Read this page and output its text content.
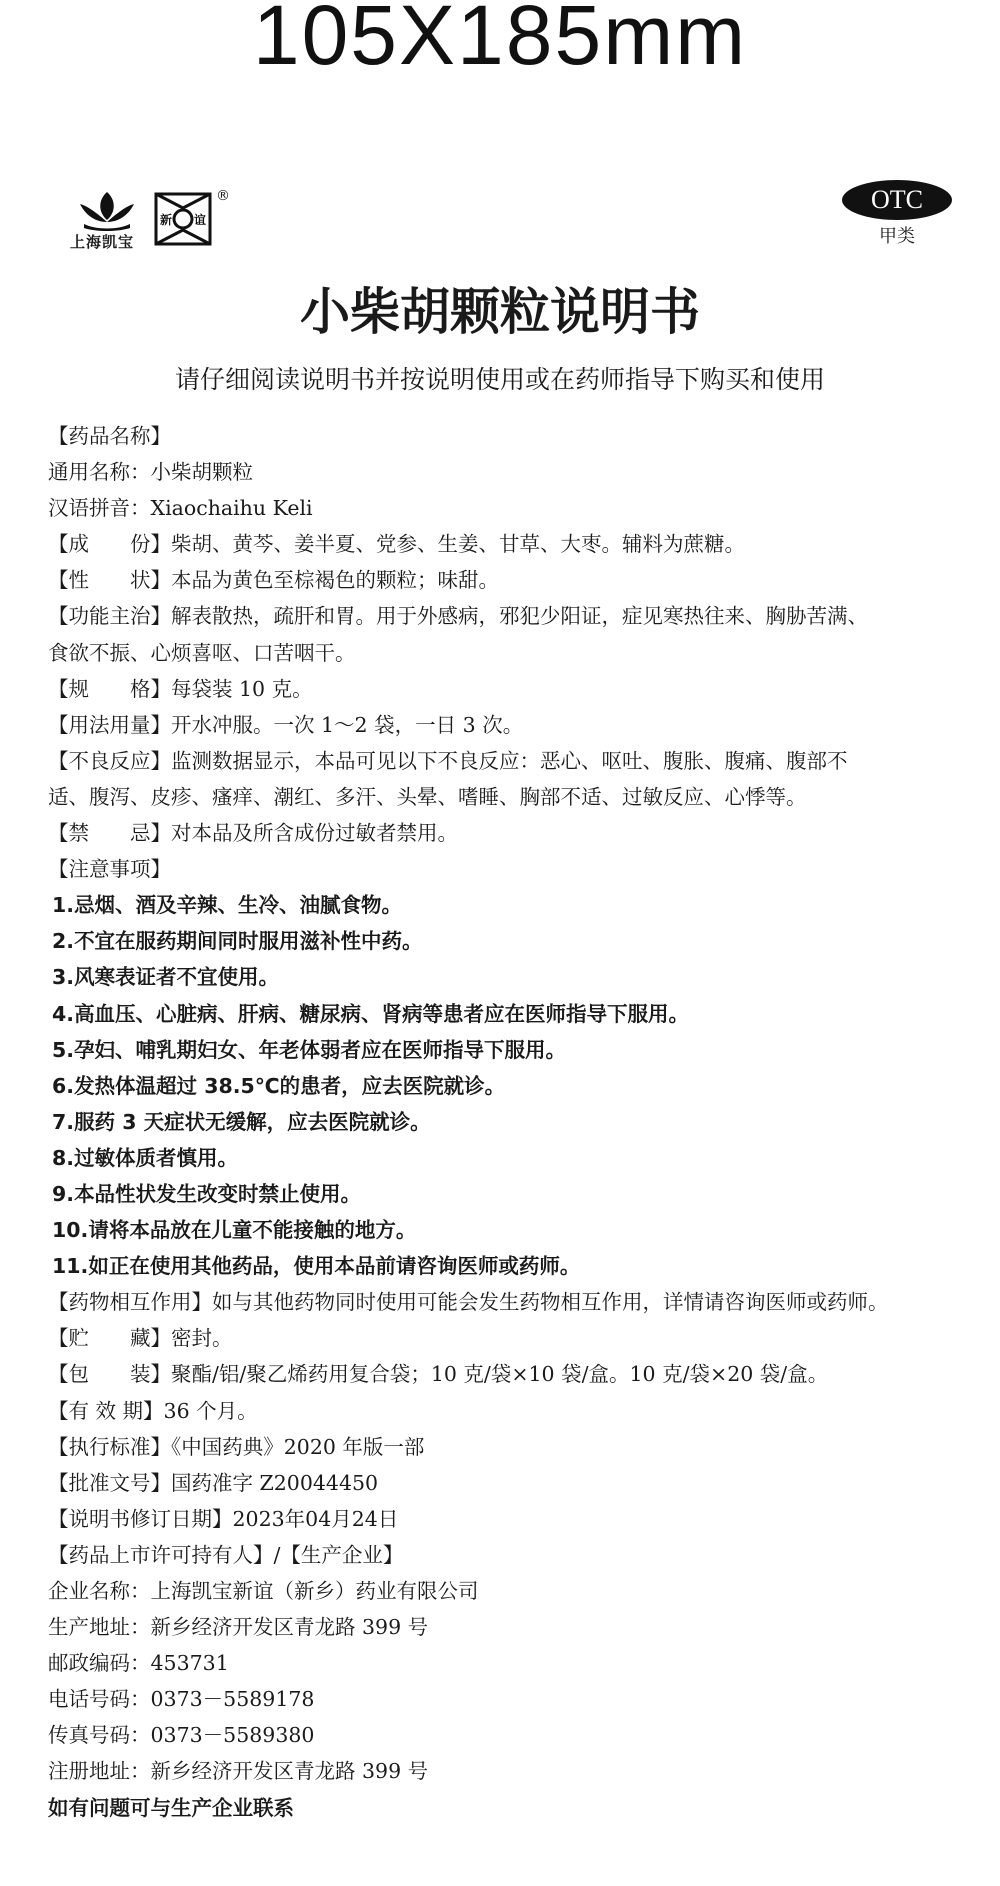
105X185mm
上海凯宝
新 谊
®	OTC
甲类
小柴胡颗粒说明书
请仔细阅读说明书并按说明使用或在药师指导下购买和使用
【药品名称】
通用名称：小柴胡颗粒
汉语拼音：Xiaochaihu Keli
【成　　份】柴胡、黄芩、姜半夏、党参、生姜、甘草、大枣。辅料为蔗糖。
【性　　状】本品为黄色至棕褐色的颗粒；味甜。
【功能主治】解表散热，疏肝和胃。用于外感病，邪犯少阳证，症见寒热往来、胸胁苦满、
食欲不振、心烦喜呕、口苦咽干。
【规　　格】每袋装 10 克。
【用法用量】开水冲服。一次 1～2 袋，一日 3 次。
【不良反应】监测数据显示，本品可见以下不良反应：恶心、呕吐、腹胀、腹痛、腹部不
适、腹泻、皮疹、瘙痒、潮红、多汗、头晕、嗜睡、胸部不适、过敏反应、心悸等。
【禁　　忌】对本品及所含成份过敏者禁用。
【注意事项】
1.忌烟、酒及辛辣、生冷、油腻食物。
2.不宜在服药期间同时服用滋补性中药。
3.风寒表证者不宜使用。
4.高血压、心脏病、肝病、糖尿病、肾病等患者应在医师指导下服用。
5.孕妇、哺乳期妇女、年老体弱者应在医师指导下服用。
6.发热体温超过 38.5℃的患者，应去医院就诊。
7.服药 3 天症状无缓解，应去医院就诊。
8.过敏体质者慎用。
9.本品性状发生改变时禁止使用。
10.请将本品放在儿童不能接触的地方。
11.如正在使用其他药品，使用本品前请咨询医师或药师。
【药物相互作用】如与其他药物同时使用可能会发生药物相互作用，详情请咨询医师或药师。
【贮　　藏】密封。
【包　　装】聚酯/铝/聚乙烯药用复合袋；10 克/袋×10 袋/盒。10 克/袋×20 袋/盒。
【有 效 期】36 个月。
【执行标准】《中国药典》2020 年版一部
【批准文号】国药准字 Z20044450
【说明书修订日期】2023年04月24日
【药品上市许可持有人】/【生产企业】
企业名称：上海凯宝新谊（新乡）药业有限公司
生产地址：新乡经济开发区青龙路 399 号
邮政编码：453731
电话号码：0373－5589178
传真号码：0373－5589380
注册地址：新乡经济开发区青龙路 399 号
如有问题可与生产企业联系
